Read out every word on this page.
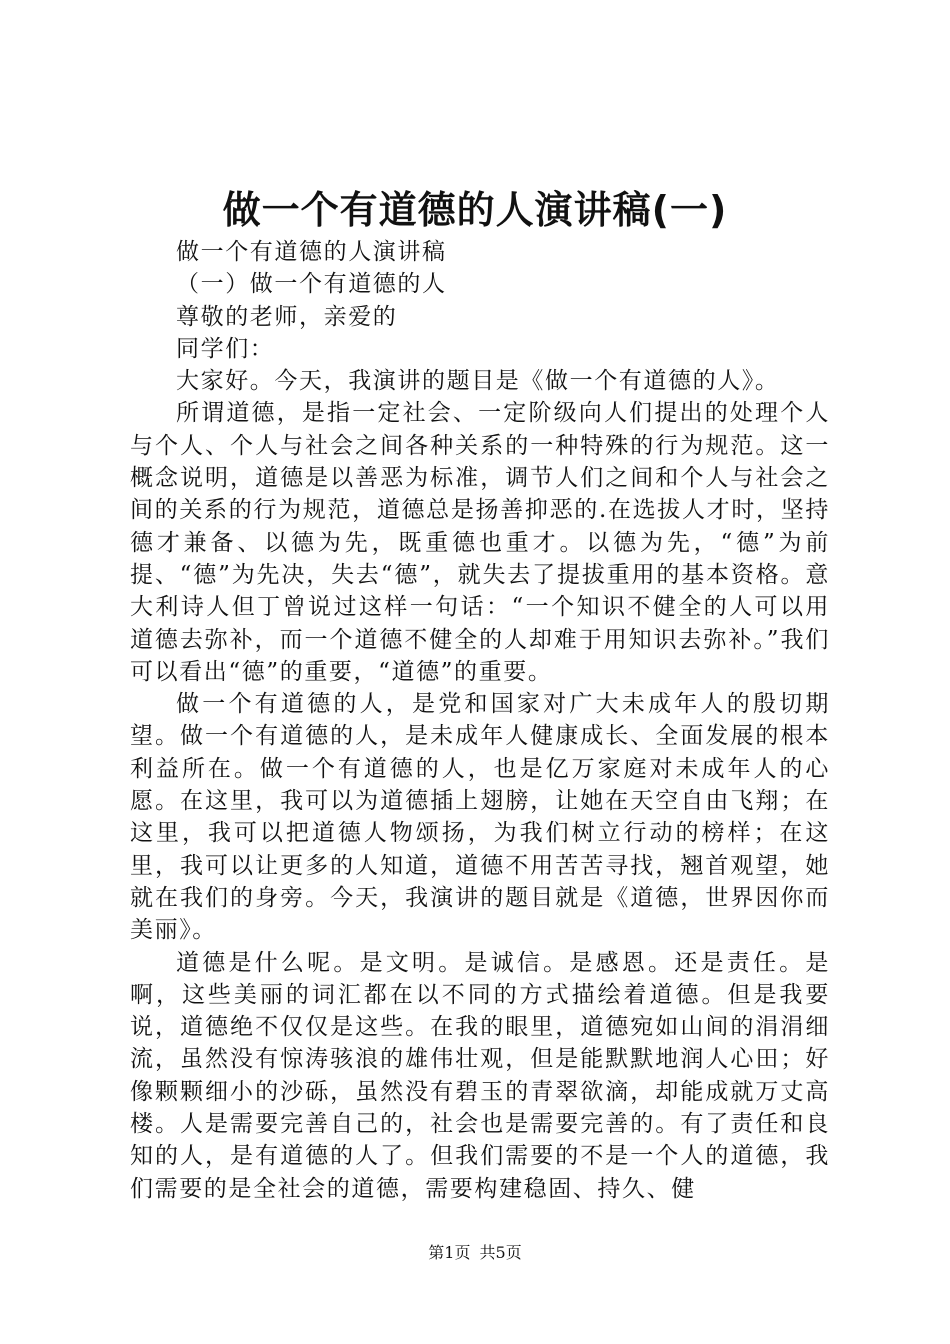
做一个有道德的人演讲稿(一)

做一个有道德的人演讲稿

（一）做一个有道德的人

尊敬的老师，亲爱的

同学们：

大家好。今天，我演讲的题目是《做一个有道德的人》。

所谓道德，是指一定社会、一定阶级向人们提出的处理个人与个人、个人与社会之间各种关系的一种特殊的行为规范。这一概念说明，道德是以善恶为标准，调节人们之间和个人与社会之间的关系的行为规范，道德总是扬善抑恶的.在选拔人才时，坚持德才兼备、以德为先，既重德也重才。以德为先，“德”为前提、“德”为先决，失去“德”，就失去了提拔重用的基本资格。意大利诗人但丁曾说过这样一句话：“一个知识不健全的人可以用道德去弥补，而一个道德不健全的人却难于用知识去弥补。”我们可以看出“德”的重要，“道德”的重要。

做一个有道德的人，是党和国家对广大未成年人的殷切期望。做一个有道德的人，是未成年人健康成长、全面发展的根本利益所在。做一个有道德的人，也是亿万家庭对未成年人的心愿。在这里，我可以为道德插上翅膀，让她在天空自由飞翔；在这里，我可以把道德人物颂扬，为我们树立行动的榜样；在这里，我可以让更多的人知道，道德不用苦苦寻找，翘首观望，她就在我们的身旁。今天，我演讲的题目就是《道德，世界因你而美丽》。

道德是什么呢。是文明。是诚信。是感恩。还是责任。是啊，这些美丽的词汇都在以不同的方式描绘着道德。但是我要说，道德绝不仅仅是这些。在我的眼里，道德宛如山间的涓涓细流，虽然没有惊涛骇浪的雄伟壮观，但是能默默地润人心田；好像颗颗细小的沙砾，虽然没有碧玉的青翠欲滴，却能成就万丈高楼。人是需要完善自己的，社会也是需要完善的。有了责任和良知的人，是有道德的人了。但我们需要的不是一个人的道德，我们需要的是全社会的道德，需要构建稳固、持久、健

第1页 共5页
